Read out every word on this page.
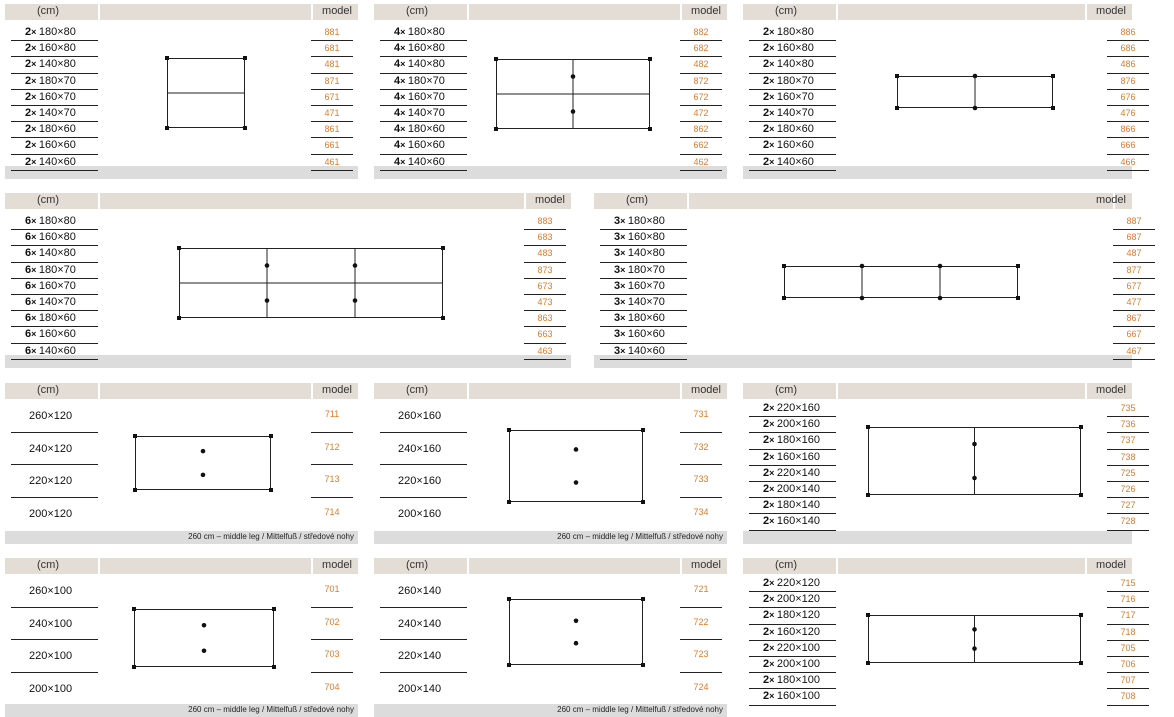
(cm)	model
2× 180×80	881
2× 160×80	681
2× 140×80	481
2× 180×70	871
2× 160×70	671
2× 140×70	471
2× 180×60	861
2× 160×60	661
2× 140×60	461
(cm)	model
4× 180×80	882
4× 160×80	682
4× 140×80	482
4× 180×70	872
4× 160×70	672
4× 140×70	472
4× 180×60	862
4× 160×60	662
4× 140×60	462
(cm)	model
2× 180×80	886
2× 160×80	686
2× 140×80	486
2× 180×70	876
2× 160×70	676
2× 140×70	476
2× 180×60	866
2× 160×60	666
2× 140×60	466
(cm)	model
6× 180×80	883
6× 160×80	683
6× 140×80	483
6× 180×70	873
6× 160×70	673
6× 140×70	473
6× 180×60	863
6× 160×60	663
6× 140×60	463
(cm)	model
3× 180×80	887
3× 160×80	687
3× 140×80	487
3× 180×70	877
3× 160×70	677
3× 140×70	477
3× 180×60	867
3× 160×60	667
3× 140×60	467
(cm)	model
260 cm – middle leg / Mittelfuß / středové nohy
260×120	711
240×120	712
220×120	713
200×120	714
(cm)	model
260 cm – middle leg / Mittelfuß / středové nohy
260×160	731
240×160	732
220×160	733
200×160	734
(cm)	model
2× 220×160	735
2× 200×160	736
2× 180×160	737
2× 160×160	738
2× 220×140	725
2× 200×140	726
2× 180×140	727
2× 160×140	728
(cm)	model
260 cm – middle leg / Mittelfuß / středové nohy
260×100	701
240×100	702
220×100	703
200×100	704
(cm)	model
260 cm – middle leg / Mittelfuß / středové nohy
260×140	721
240×140	722
220×140	723
200×140	724
(cm)	model
2× 220×120	715
2× 200×120	716
2× 180×120	717
2× 160×120	718
2× 220×100	705
2× 200×100	706
2× 180×100	707
2× 160×100	708
